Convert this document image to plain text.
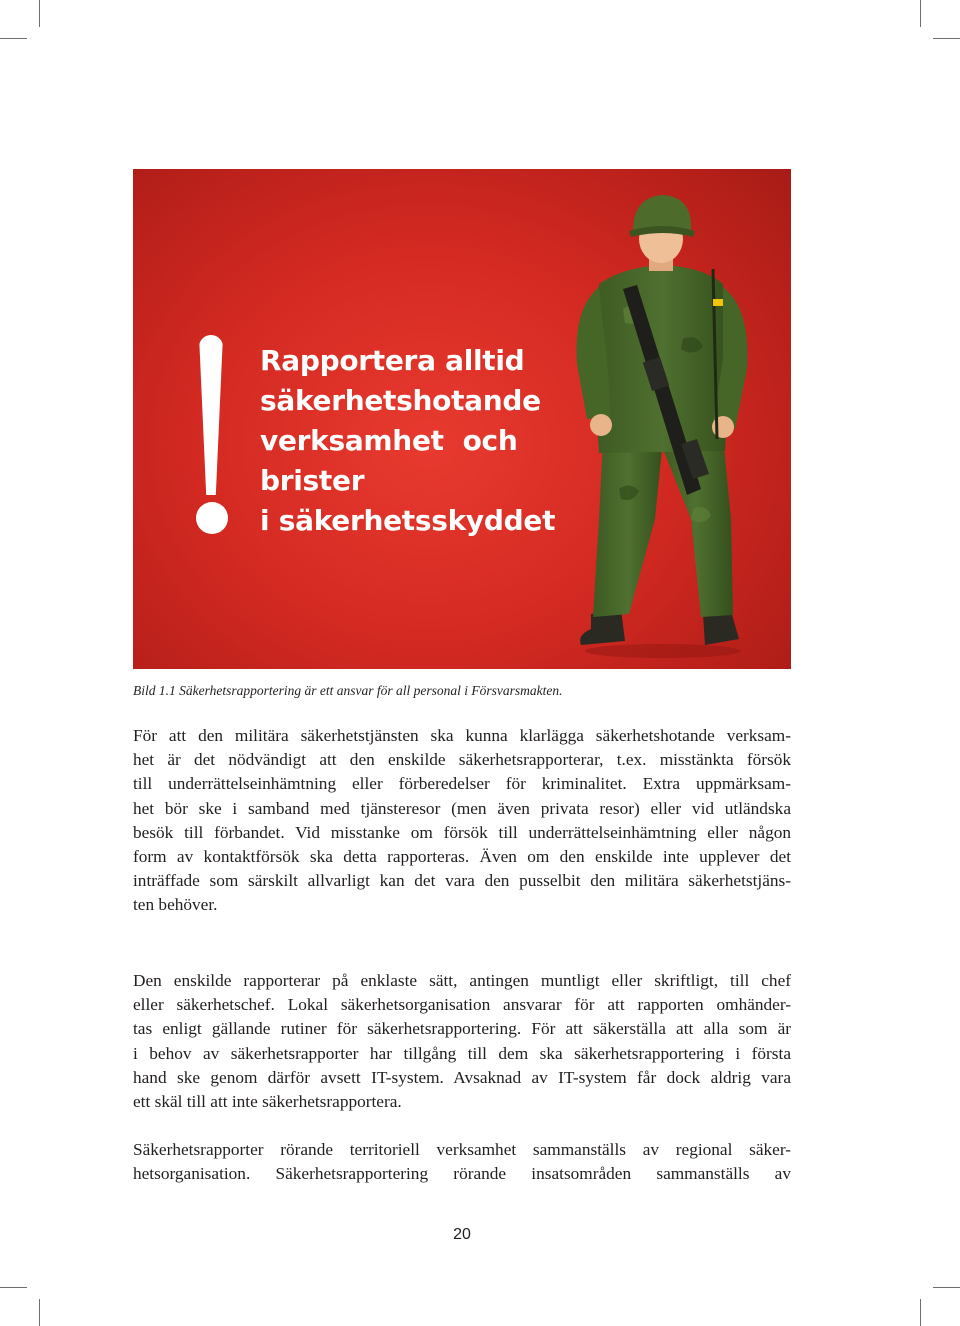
Rapportera alltid
säkerhetshotande
verksamhet  och
brister
i säkerhetsskyddet

Bild 1.1 Säkerhetsrapportering är ett ansvar för all personal i Försvarsmakten.

För att den militära säkerhetstjänsten ska kunna klarlägga säkerhetshotande verksam-
het är det nödvändigt att den enskilde säkerhetsrapporterar, t.ex. misstänkta försök
till underrättelseinhämtning eller förberedelser för kriminalitet. Extra uppmärksam-
het bör ske i samband med tjänsteresor (men även privata resor) eller vid utländska
besök till förbandet. Vid misstanke om försök till underrättelseinhämtning eller någon
form av kontaktförsök ska detta rapporteras. Även om den enskilde inte upplever det
inträffade som särskilt allvarligt kan det vara den pusselbit den militära säkerhetstjäns-
ten behöver.
Den enskilde rapporterar på enklaste sätt, antingen muntligt eller skriftligt, till chef
eller säkerhetschef. Lokal säkerhetsorganisation ansvarar för att rapporten omhänder-
tas enligt gällande rutiner för säkerhetsrapportering. För att säkerställa att alla som är
i behov av säkerhetsrapporter har tillgång till dem ska säkerhetsrapportering i första
hand ske genom därför avsett IT-system. Avsaknad av IT-system får dock aldrig vara
ett skäl till att inte säkerhetsrapportera.
Säkerhetsrapporter rörande territoriell verksamhet sammanställs av regional säker-
hetsorganisation. Säkerhetsrapportering rörande insatsområden sammanställs av

20
